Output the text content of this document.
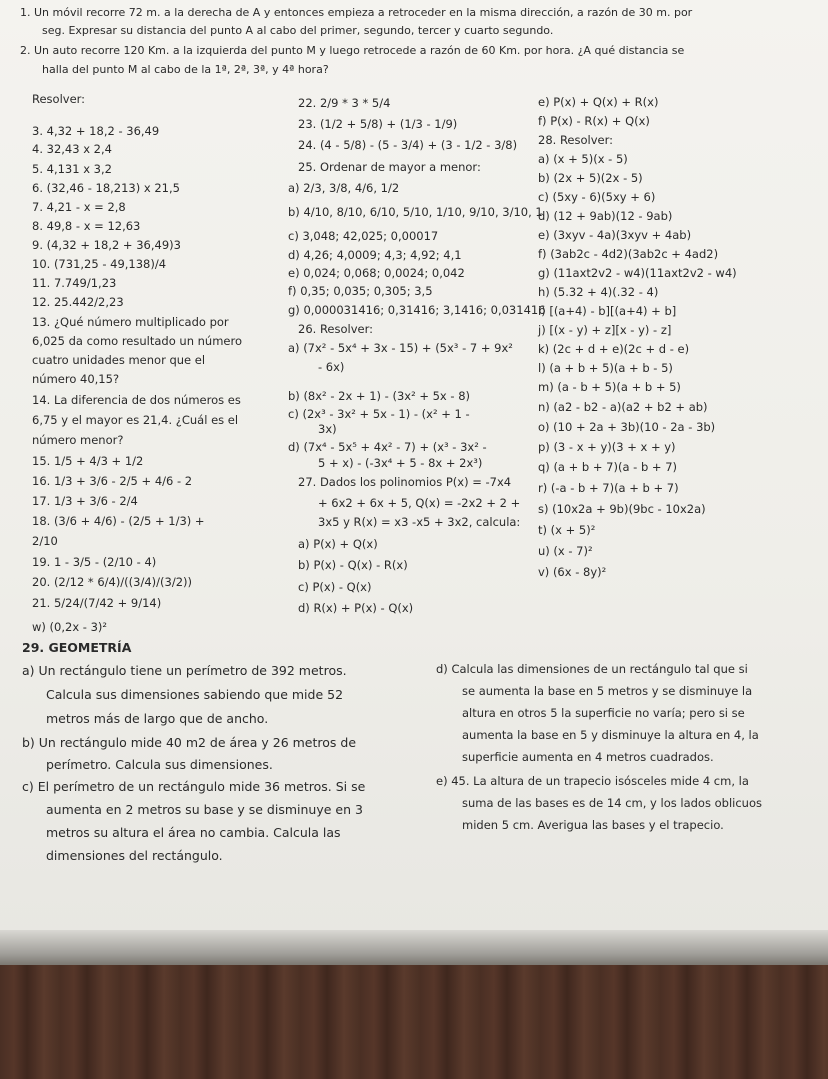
1. Un móvil recorre 72 m. a la derecha de A y entonces empieza a retroceder en la misma dirección, a razón de 30 m. por
seg. Expresar su distancia del punto A al cabo del primer, segundo, tercer y cuarto segundo.
2. Un auto recorre 120 Km. a la izquierda del punto M y luego retrocede a razón de 60 Km. por hora. ¿A qué distancia se
halla del punto M al cabo de la 1ª, 2ª, 3ª, y 4ª hora?
Resolver:
3. 4,32 + 18,2 - 36,49
4. 32,43 x 2,4
5. 4,131 x 3,2
6. (32,46 - 18,213) x 21,5
7. 4,21 - x = 2,8
8. 49,8 - x = 12,63
9. (4,32 + 18,2 + 36,49)3
10. (731,25 - 49,138)/4
11. 7.749/1,23
12. 25.442/2,23
13. ¿Qué número multiplicado por
6,025 da como resultado un número
cuatro unidades menor que el
número 40,15?
14. La diferencia de dos números es
6,75 y el mayor es 21,4. ¿Cuál es el
número menor?
15. 1/5 + 4/3 + 1/2
16. 1/3 + 3/6 - 2/5 + 4/6 - 2
17. 1/3 + 3/6 - 2/4
18. (3/6 + 4/6) - (2/5 + 1/3) +
2/10
19. 1 - 3/5 - (2/10 - 4)
20. (2/12 * 6/4)/((3/4)/(3/2))
21. 5/24/(7/42 + 9/14)
w) (0,2x - 3)²
22. 2/9 * 3 * 5/4
23. (1/2 + 5/8) + (1/3 - 1/9)
24. (4 - 5/8) - (5 - 3/4) + (3 - 1/2 - 3/8)
25. Ordenar de mayor a menor:
a) 2/3, 3/8, 4/6, 1/2
b) 4/10, 8/10, 6/10, 5/10, 1/10, 9/10, 3/10, 1
c) 3,048; 42,025; 0,00017
d) 4,26; 4,0009; 4,3; 4,92; 4,1
e) 0,024; 0,068; 0,0024; 0,042
f) 0,35; 0,035; 0,305; 3,5
g) 0,000031416; 0,31416; 3,1416; 0,031416
26. Resolver:
a) (7x² - 5x⁴ + 3x - 15) + (5x³ - 7 + 9x²
- 6x)
b) (8x² - 2x + 1) - (3x² + 5x - 8)
c) (2x³ - 3x² + 5x - 1) - (x² + 1 -
3x)
d) (7x⁴ - 5x⁵ + 4x² - 7) + (x³ - 3x² -
5 + x) - (-3x⁴ + 5 - 8x + 2x³)
27. Dados los polinomios P(x) = -7x4
+ 6x2 + 6x + 5, Q(x) = -2x2 + 2 +
3x5 y R(x) = x3 -x5 + 3x2, calcula:
a) P(x) + Q(x)
b) P(x) - Q(x) - R(x)
c) P(x) - Q(x)
d) R(x) + P(x) - Q(x)
e) P(x) + Q(x) + R(x)
f) P(x) - R(x) + Q(x)
28. Resolver:
a) (x + 5)(x - 5)
b) (2x + 5)(2x - 5)
c) (5xy - 6)(5xy + 6)
d) (12 + 9ab)(12 - 9ab)
e) (3xyv - 4a)(3xyv + 4ab)
f) (3ab2c - 4d2)(3ab2c + 4ad2)
g) (11axt2v2 - w4)(11axt2v2 - w4)
h) (5.32 + 4)(.32 - 4)
i) [(a+4) - b][(a+4) + b]
j) [(x - y) + z][x - y) - z]
k) (2c + d + e)(2c + d - e)
l) (a + b + 5)(a + b - 5)
m) (a - b + 5)(a + b + 5)
n) (a2 - b2 - a)(a2 + b2 + ab)
o) (10 + 2a + 3b)(10 - 2a - 3b)
p) (3 - x + y)(3 + x + y)
q) (a + b + 7)(a - b + 7)
r) (-a - b + 7)(a + b + 7)
s) (10x2a + 9b)(9bc - 10x2a)
t) (x + 5)²
u) (x - 7)²
v) (6x - 8y)²
29. GEOMETRÍA
a) Un rectángulo tiene un perímetro de 392 metros.
Calcula sus dimensiones sabiendo que mide 52
metros más de largo que de ancho.
b) Un rectángulo mide 40 m2 de área y 26 metros de
perímetro. Calcula sus dimensiones.
c) El perímetro de un rectángulo mide 36 metros. Si se
aumenta en 2 metros su base y se disminuye en 3
metros su altura el área no cambia. Calcula las
dimensiones del rectángulo.
d) Calcula las dimensiones de un rectángulo tal que si
se aumenta la base en 5 metros y se disminuye la
altura en otros 5 la superficie no varía; pero si se
aumenta la base en 5 y disminuye la altura en 4, la
superficie aumenta en 4 metros cuadrados.
e) 45. La altura de un trapecio isósceles mide 4 cm, la
suma de las bases es de 14 cm, y los lados oblicuos
miden 5 cm. Averigua las bases y el trapecio.
